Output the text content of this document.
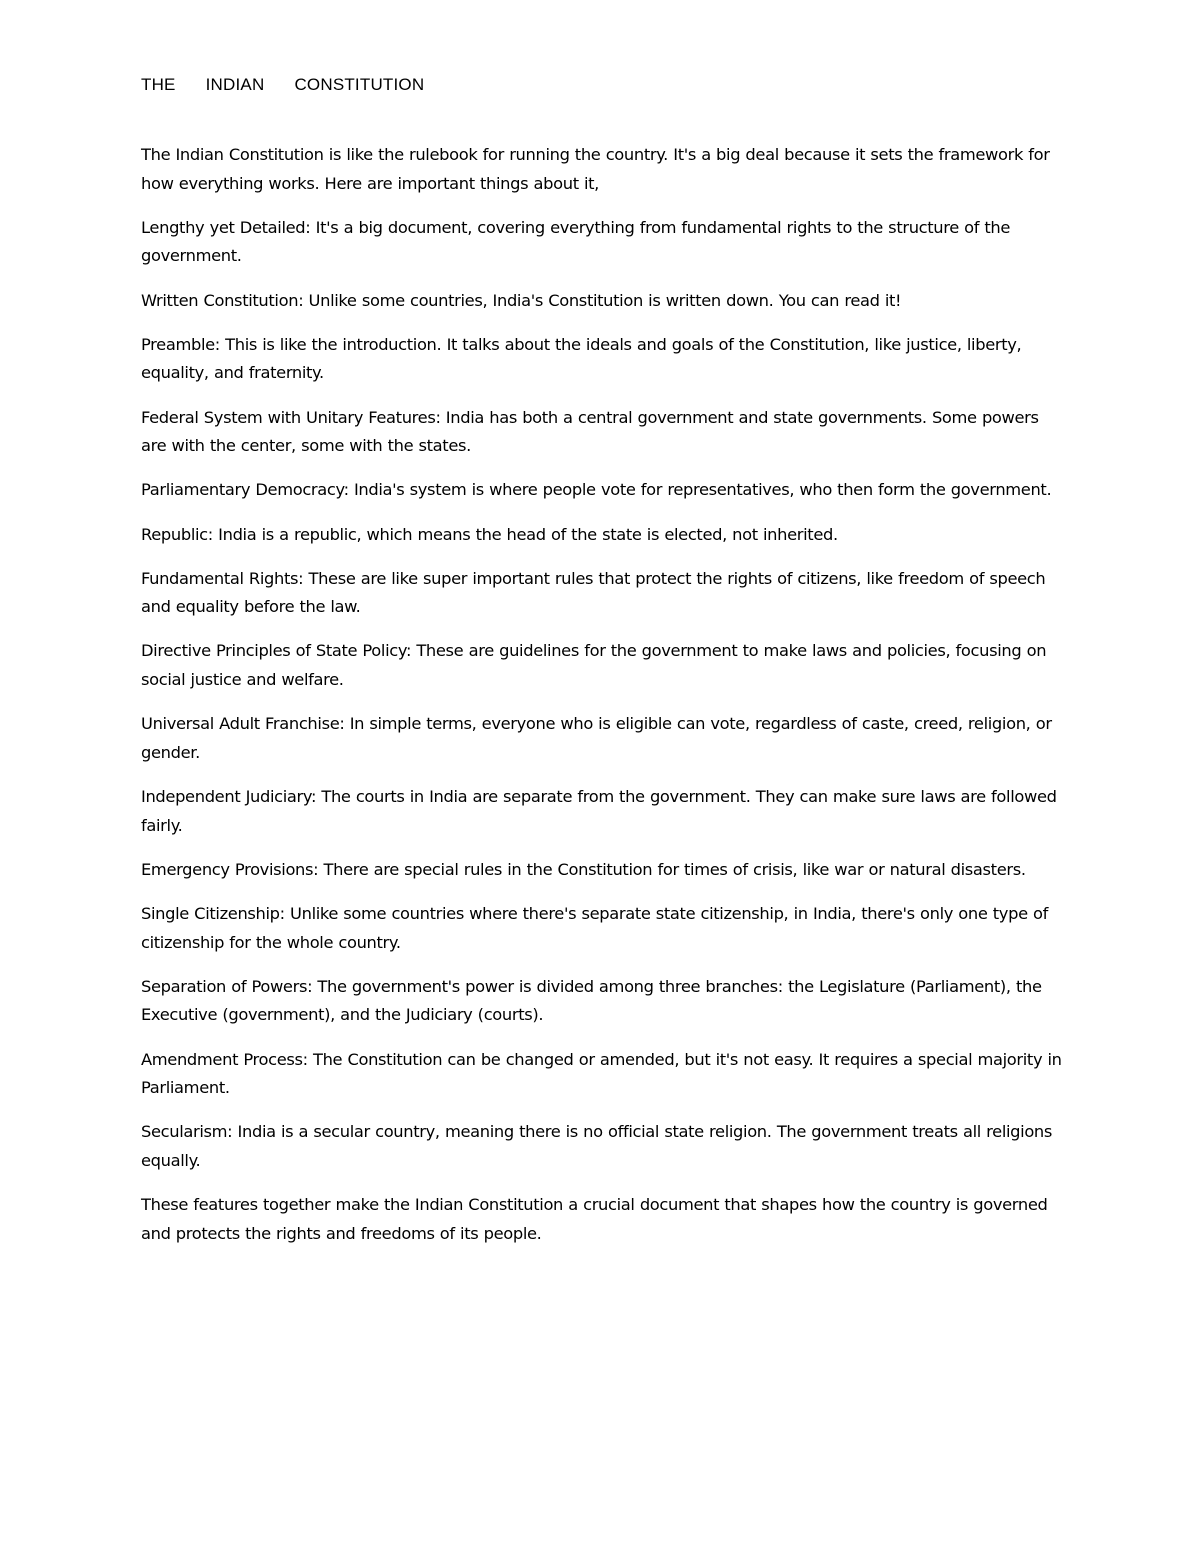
THE INDIAN CONSTITUTION

The Indian Constitution is like the rulebook for running the country. It's a big deal because it sets the framework for how everything works. Here are important things about it,

Lengthy yet Detailed: It's a big document, covering everything from fundamental rights to the structure of the government.

Written Constitution: Unlike some countries, India's Constitution is written down. You can read it!

Preamble: This is like the introduction. It talks about the ideals and goals of the Constitution, like justice, liberty, equality, and fraternity.

Federal System with Unitary Features: India has both a central government and state governments. Some powers are with the center, some with the states.

Parliamentary Democracy: India's system is where people vote for representatives, who then form the government.

Republic: India is a republic, which means the head of the state is elected, not inherited.

Fundamental Rights: These are like super important rules that protect the rights of citizens, like freedom of speech and equality before the law.

Directive Principles of State Policy: These are guidelines for the government to make laws and policies, focusing on social justice and welfare.

Universal Adult Franchise: In simple terms, everyone who is eligible can vote, regardless of caste, creed, religion, or gender.

Independent Judiciary: The courts in India are separate from the government. They can make sure laws are followed fairly.

Emergency Provisions: There are special rules in the Constitution for times of crisis, like war or natural disasters.

Single Citizenship: Unlike some countries where there's separate state citizenship, in India, there's only one type of citizenship for the whole country.

Separation of Powers: The government's power is divided among three branches: the Legislature (Parliament), the Executive (government), and the Judiciary (courts).

Amendment Process: The Constitution can be changed or amended, but it's not easy. It requires a special majority in Parliament.

Secularism: India is a secular country, meaning there is no official state religion. The government treats all religions equally.

These features together make the Indian Constitution a crucial document that shapes how the country is governed and protects the rights and freedoms of its people.
